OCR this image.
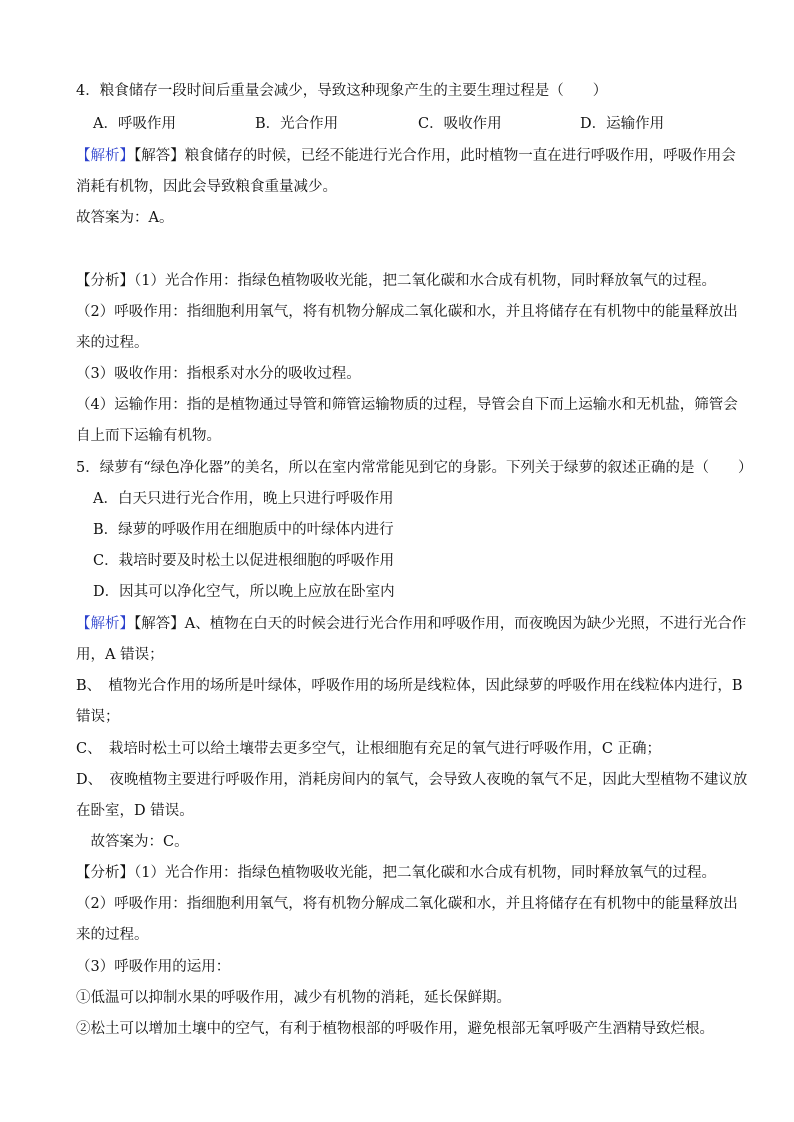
4．粮食储存一段时间后重量会减少，导致这种现象产生的主要生理过程是（　　）
A．呼吸作用	B．光合作用	C．吸收作用	D．运输作用
【解析】【解答】粮食储存的时候，已经不能进行光合作用，此时植物一直在进行呼吸作用，呼吸作用会
消耗有机物，因此会导致粮食重量减少。
故答案为：A。
【分析】（1）光合作用：指绿色植物吸收光能，把二氧化碳和水合成有机物，同时释放氧气的过程。
（2）呼吸作用：指细胞利用氧气，将有机物分解成二氧化碳和水，并且将储存在有机物中的能量释放出
来的过程。
（3）吸收作用：指根系对水分的吸收过程。
（4）运输作用：指的是植物通过导管和筛管运输物质的过程，导管会自下而上运输水和无机盐，筛管会
自上而下运输有机物。
5．绿萝有“绿色净化器”的美名，所以在室内常常能见到它的身影。下列关于绿萝的叙述正确的是（　　）
A．白天只进行光合作用，晚上只进行呼吸作用
B．绿萝的呼吸作用在细胞质中的叶绿体内进行
C．栽培时要及时松土以促进根细胞的呼吸作用
D．因其可以净化空气，所以晚上应放在卧室内
【解析】【解答】A、植物在白天的时候会进行光合作用和呼吸作用，而夜晚因为缺少光照，不进行光合作
用，A 错误；
B、　植物光合作用的场所是叶绿体，呼吸作用的场所是线粒体，因此绿萝的呼吸作用在线粒体内进行，B
错误；
C、　栽培时松土可以给土壤带去更多空气，让根细胞有充足的氧气进行呼吸作用，C 正确；
D、　夜晚植物主要进行呼吸作用，消耗房间内的氧气，会导致人夜晚的氧气不足，因此大型植物不建议放
在卧室，D 错误。
　故答案为：C。
【分析】（1）光合作用：指绿色植物吸收光能，把二氧化碳和水合成有机物，同时释放氧气的过程。
（2）呼吸作用：指细胞利用氧气，将有机物分解成二氧化碳和水，并且将储存在有机物中的能量释放出
来的过程。
（3）呼吸作用的运用：
①低温可以抑制水果的呼吸作用，减少有机物的消耗，延长保鲜期。
②松土可以增加土壤中的空气，有利于植物根部的呼吸作用，避免根部无氧呼吸产生酒精导致烂根。
